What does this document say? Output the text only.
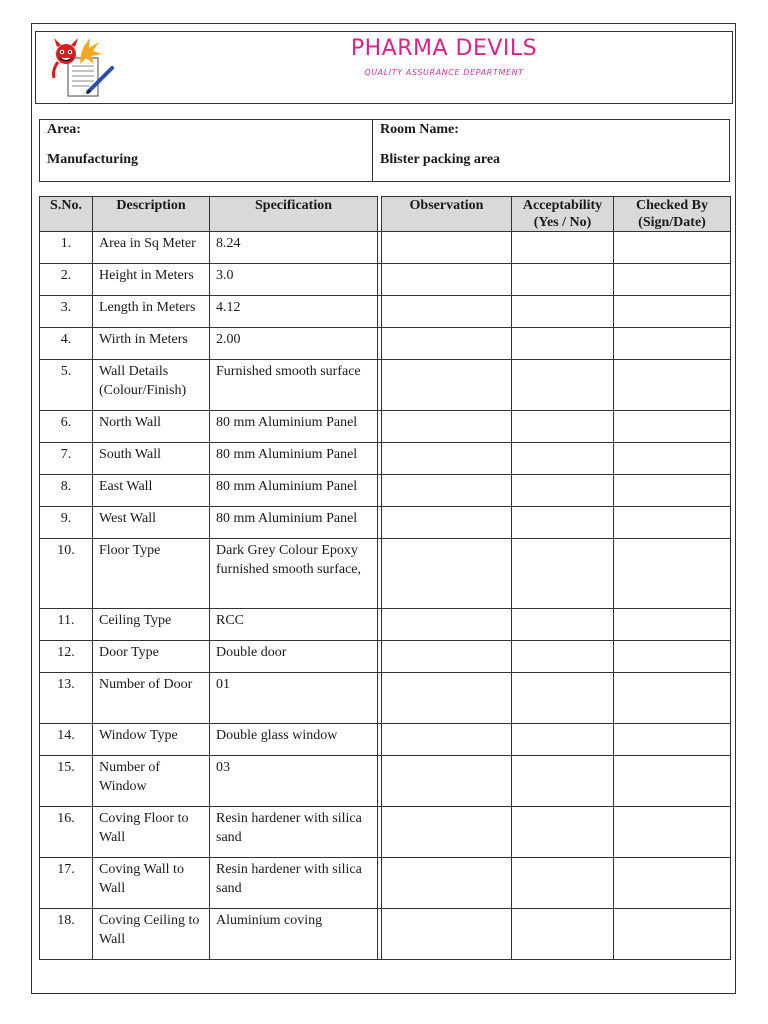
PHARMA DEVILS
QUALITY ASSURANCE DEPARTMENT
Area:
Manufacturing
Room Name:
Blister packing area
S.No.	Description	Specification		Observation	Acceptability (Yes / No)	Checked By (Sign/Date)
1.	Area in Sq Meter	8.24				
2.	Height in Meters	3.0				
3.	Length in Meters	4.12				
4.	Wirth in Meters	2.00				
5.	Wall Details (Colour/Finish)	Furnished smooth surface				
6.	North Wall	80 mm Aluminium Panel				
7.	South Wall	80 mm Aluminium Panel				
8.	East Wall	80 mm Aluminium Panel				
9.	West Wall	80 mm Aluminium Panel				
10.	Floor Type	Dark Grey Colour Epoxy furnished smooth surface,				
11.	Ceiling Type	RCC				
12.	Door Type	Double door				
13.	Number of Door	01				
14.	Window Type	Double glass window				
15.	Number of Window	03				
16.	Coving Floor to Wall	Resin hardener with silica sand				
17.	Coving Wall to Wall	Resin hardener with silica sand				
18.	Coving Ceiling to Wall	Aluminium coving				
